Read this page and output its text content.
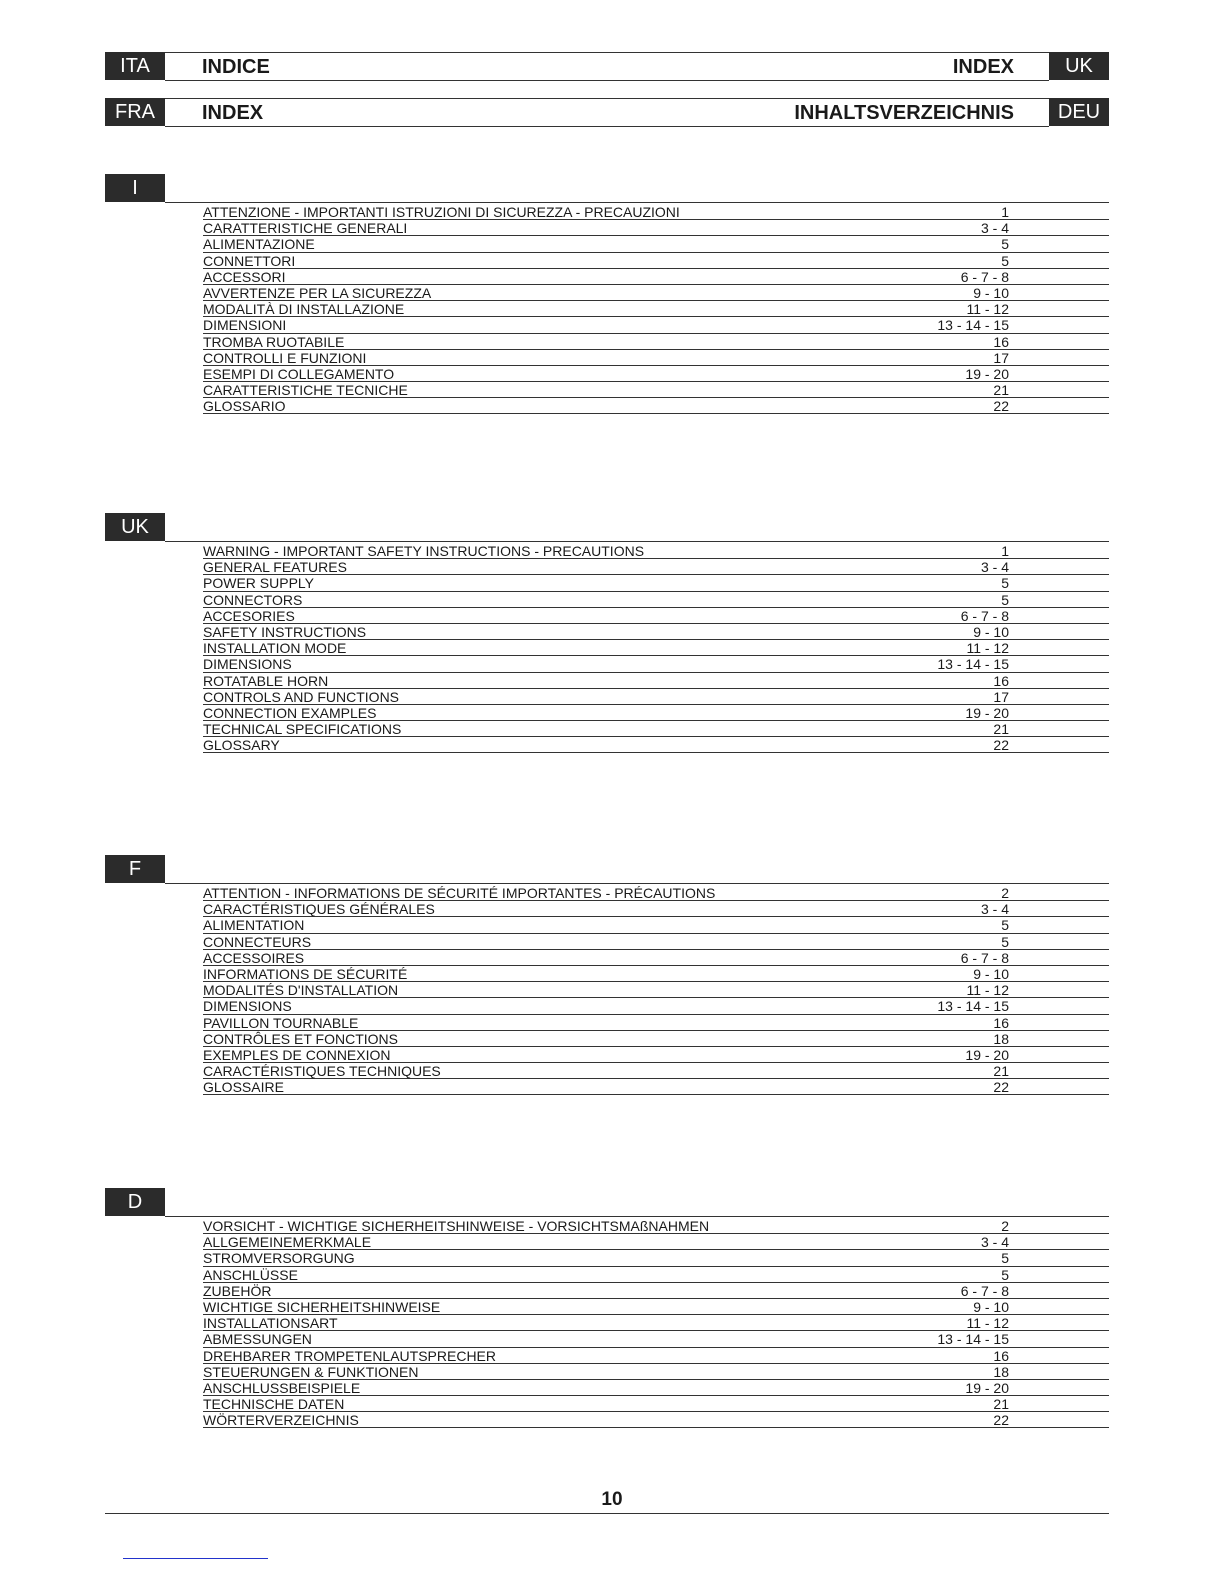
ITA	INDICE	INDEX	UK
FRA	INDEX	INHALTSVERZEICHNIS	DEU
I
ATTENZIONE - IMPORTANTI ISTRUZIONI DI SICUREZZA - PRECAUZIONI	1
CARATTERISTICHE GENERALI	3 - 4
ALIMENTAZIONE	5
CONNETTORI	5
ACCESSORI	6 - 7 - 8
AVVERTENZE PER LA SICUREZZA	9 - 10
MODALITÀ DI INSTALLAZIONE	11 - 12
DIMENSIONI	13 - 14 - 15
TROMBA RUOTABILE	16
CONTROLLI E FUNZIONI	17
ESEMPI DI COLLEGAMENTO	19 - 20
CARATTERISTICHE TECNICHE	21
GLOSSARIO	22
UK
WARNING - IMPORTANT SAFETY INSTRUCTIONS - PRECAUTIONS	1
GENERAL FEATURES	3 - 4
POWER SUPPLY	5
CONNECTORS	5
ACCESORIES	6 - 7 - 8
SAFETY INSTRUCTIONS	9 - 10
INSTALLATION MODE	11 - 12
DIMENSIONS	13 - 14 - 15
ROTATABLE HORN	16
CONTROLS AND FUNCTIONS	17
CONNECTION EXAMPLES	19 - 20
TECHNICAL SPECIFICATIONS	21
GLOSSARY	22
F
ATTENTION - INFORMATIONS DE SÉCURITÉ IMPORTANTES - PRÉCAUTIONS	2
CARACTÉRISTIQUES GÉNÉRALES	3 - 4
ALIMENTATION	5
CONNECTEURS	5
ACCESSOIRES	6 - 7 - 8
INFORMATIONS DE SÉCURITÉ	9 - 10
MODALITÉS D'INSTALLATION	11 - 12
DIMENSIONS	13 - 14 - 15
PAVILLON TOURNABLE	16
CONTRÔLES ET FONCTIONS	18
EXEMPLES DE CONNEXION	19 - 20
CARACTÉRISTIQUES TECHNIQUES	21
GLOSSAIRE	22
D
VORSICHT - WICHTIGE SICHERHEITSHINWEISE - VORSICHTSMAßNAHMEN	2
ALLGEMEINEMERKMALE	3 - 4
STROMVERSORGUNG	5
ANSCHLÜSSE	5
ZUBEHÖR	6 - 7 - 8
WICHTIGE SICHERHEITSHINWEISE	9 - 10
INSTALLATIONSART	11 - 12
ABMESSUNGEN	13 - 14 - 15
DREHBARER TROMPETENLAUTSPRECHER	16
STEUERUNGEN & FUNKTIONEN	18
ANSCHLUSSBEISPIELE	19 - 20
TECHNISCHE DATEN	21
WÖRTERVERZEICHNIS	22
10
